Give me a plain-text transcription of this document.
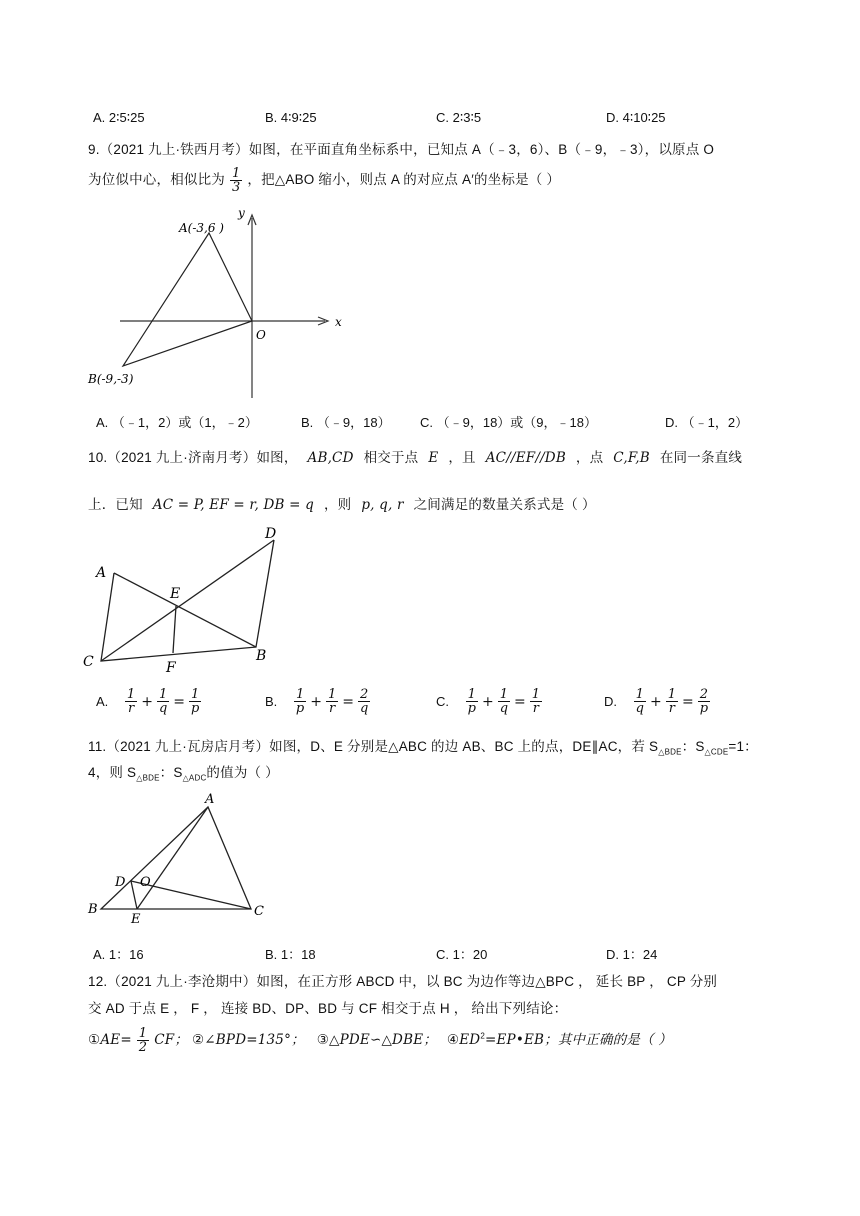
A. 2∶5∶25	B. 4∶9∶25	C. 2∶3∶5	D. 4∶10∶25
9.（2021 九上·铁西月考）如图，在平面直角坐标系中，已知点 A（﹣3，6）、B（﹣9，﹣3），以原点 O
为位似中心，相似比为 $\frac{1}{3}$ ，把△ABO 缩小，则点 A 的对应点 A′的坐标是（ ）
A(-3,6 )
B(-9,-3)
O
x
y
A. （﹣1，2）或（1，﹣2）	B. （﹣9，18） C. （﹣9，18）或（9，﹣18）	D. （﹣1，2）
10.（2021 九上·济南月考）如图， AB,CD 相交于点 E ，且 AC//EF//DB ，点 C,F,B 在同一条直线
上．已知 AC = P, EF = r, DB = q ，则 p, q, r 之间满足的数量关系式是（ ）
A
C	B
D
E
F
A. $\frac{1}{r} + \frac{1}{q} = \frac{1}{p}$	B. $\frac{1}{p} + \frac{1}{r} = \frac{2}{q}$	C. $\frac{1}{p} + \frac{1}{q} = \frac{1}{r}$	D. $\frac{1}{q} + \frac{1}{r} = \frac{2}{p}$
11.（2021 九上·瓦房店月考）如图，D、E 分别是△ABC 的边 AB、BC 上的点，DE∥AC，若 $S_{\triangle BDE}$：$S_{\triangle CDE}=1$：
4，则 $S_{\triangle BDE}$：$S_{\triangle ADC}$的值为（ ）
A
B	C
D
E
O
A. 1：16	B. 1：18	C. 1：20	D. 1：24
12.（2021 九上·李沧期中）如图，在正方形 ABCD 中，以 BC 为边作等边△BPC ， 延长 BP ， CP 分别
交 AD 于点 E ， F ， 连接 BD、DP、BD 与 CF 相交于点 H ， 给出下列结论：
①AE= $\frac{1}{2}$ CF； ②∠BPD=135°； ③△PDE∽△DBE； $④ED^2=EP•EB$；其中正确的是（ ）
